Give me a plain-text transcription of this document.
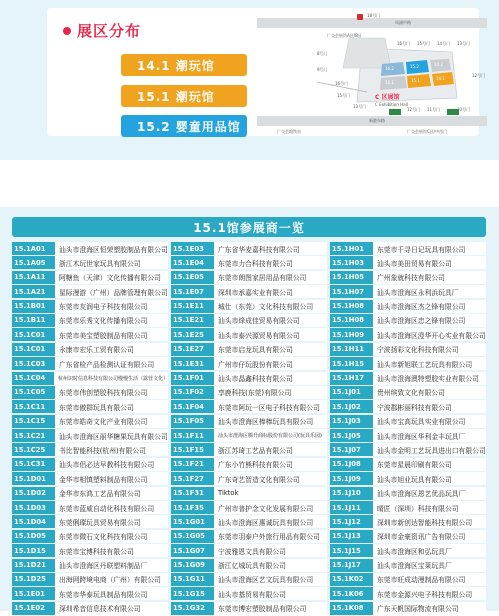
展区分布
14.1 潮玩馆
15.1 潮玩馆
15.2 婴童用品馆
凤浦中路
新港东路
C 区展馆
C Exhibition Hall
广交会展馆A区/B区
广交会展馆C区/中西门
广交会地铁站
16.2	15.2	14.2
16.1	15.1	14.1
18号门
16号门 15号门 14号门 13号门
12号门
16号门
15号门
13号门
12号门 11号门	10号门
9号门
8号门
15.1馆参展商一览
15.1A01	汕头市澄海区恒荣塑胶制品有限公司
15.1A05	浙江木玩世家玩具有限公司
15.1A11	阿糖鱼（天津）文化传播有限公司
15.1A21	星际漫游（广州）品牌管理有限公司
15.1B01	东莞市友润电子科技有限公司
15.1B11	东莞市乐秀文化传播有限公司
15.1C01	东莞市美宝塑胶制品有限公司
15.1C01	永康市宏乐工贸有限公司
15.1C03	广东省检产品检测认证有限公司
15.1C04	杭州识时信息科技有限公司慢慢生活（露营文化）
15.1C05	东莞市伟创塑胶科技有限公司
15.1C11	东莞市傲群玩具有限公司
15.1C15	东莞市皓奇文化产业有限公司
15.1C21	汕头市澄海区丽华糖果玩具有限公司
15.1C25	书比智能科技(杭州)有限公司
15.1C31	汕头市侣必达早教科技有限公司
15.1D01	金华市相慎塑料制品有限公司
15.1D02	金华市东鸿工艺品有限公司
15.1D03	东莞市蓝威自动化科技有限公司
15.1D04	东莞俐璨玩具贸易有限公司
15.1D05	东莞市微石文化科技有限公司
15.1D15	东莞市宝博科技有限公司
15.1D21	汕头市澄海区丹联塑料制品厂
15.1D25	出海网跨境电商（广州）有限公司
15.1E01	东莞市华泰玩具制品有限公司
15.1E02	深圳希音信息技术有限公司
15.1E03	广东省华麦嘉科技有限公司
15.1E04	东莞市力合科技有限公司
15.1E05	东莞市朗图家居用品有限公司
15.1E07	深圳市承嘉实业有限公司
15.1E11	城仕（东莞）文化科技有限公司
15.1E21	汕头市烽成佳贸易有限公司
15.1E25	汕头市泰兴源贸易有限公司
15.1E27	东莞市启龙玩具有限公司
15.1E31	广州市仔玩股份有限公司
15.1F01	汕头市晶鑫科技有限公司
15.1F02	享鹿科技(东莞)有限公司
15.1F04	东莞市阿玩一区电子科技有限公司
15.1F05	汕头市澄海区棒棒玩具有限公司
15.1F11	汕头市澄海区腾升商标股份有限公司(玩具乐园)
15.1F15	浙江苏琦工艺品有限公司
15.1F21	广东小竹熊科技有限公司
15.1F27	广东奇艺智造文化有限公司
15.1F31	Tiktok
15.1F35	广州市普护念文化发展有限公司
15.1G01	汕头市澄海区惠诚玩具有限公司
15.1G05	东莞市羽泰户外旅行用品有限公司
15.1G07	宁波雅恩文具有限公司
15.1G09	浙江亿城玩具有限公司
15.1G11	汕头市澄海区艺文玩具有限公司
15.1G15	汕头市基贸易有限公司
15.1G32	东莞市博宏塑胶制品有限公司
15.1H01	东莞市千寻日记玩具有限公司
15.1H03	汕头市美田贸易有限公司
15.1H05	广州象就科技有限公司
15.1H07	汕头市澄海区永利浜玩具厂
15.1H08	汕头市澄海区杰之锋有限公司
15.1H08	汕头市澄海区忠之锋有限公司
15.1H09	汕头市澄海区澄华开心实业有限公司
15.1H11	宁波扬彩文化科技有限公司
15.1H15	汕头市新旭联工艺玩具有限公司
15.1H17	汕头市澄海澳特塑胶实业有限公司
15.1J01	贵州缤致文化有限公司
15.1J02	宁波郡彬丽科技有限公司
15.1J03	汕头市宝高玩具实业有限公司
15.1J05	汕头市澄海区华利金丰玩具厂
15.1J07	汕头市金明工艺玩具进出口有限公司
15.1J08	东莞市星晨印刷有限公司
15.1J09	汕头市旭业玩具有限公司
15.1J10	汕头市澄海区恩艺优品玩具厂
15.1J11	晴匠（深圳）科技有限公司
15.1J12	深圳市新创达智能科技有限公司
15.1J13	深圳市金豪资讯广告有限公司
15.1J15	汕头市澄海区和弘玩具厂
15.1J17	汕头市澄海区宝莱玩具厂
15.1K02	东莞市旺成动漫制品有限公司
15.1K06	东莞市金源兴电子科技有限公司
15.1K08	广东天帆国际物流有限公司
